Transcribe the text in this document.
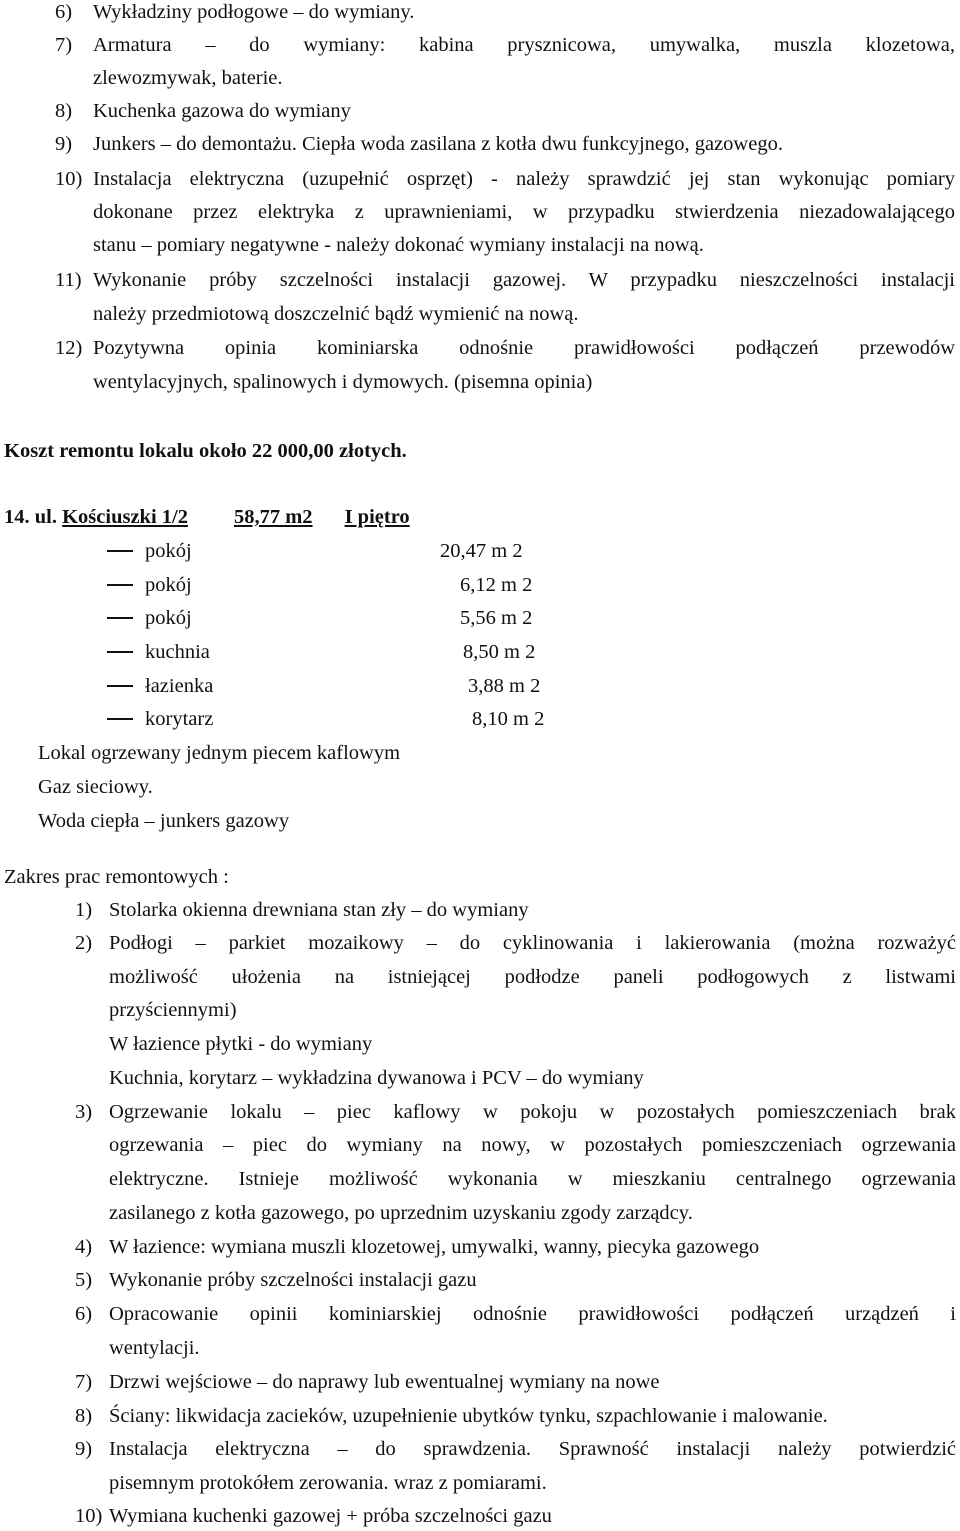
6) Wykładziny podłogowe – do wymiany.
7) Armatura – do wymiany: kabina prysznicowa, umywalka, muszla klozetowa,
zlewozmywak, baterie.
8) Kuchenka gazowa do wymiany
9) Junkers – do demontażu. Ciepła woda zasilana z kotła dwu funkcyjnego, gazowego.
10) Instalacja elektryczna (uzupełnić osprzęt) - należy sprawdzić jej stan wykonując pomiary
dokonane przez elektryka z uprawnieniami, w przypadku stwierdzenia niezadowalającego
stanu – pomiary negatywne - należy dokonać wymiany instalacji na nową.
11) Wykonanie próby szczelności instalacji gazowej. W przypadku nieszczelności instalacji
należy przedmiotową doszczelnić bądź wymienić na nową.
12) Pozytywna opinia kominiarska odnośnie prawidłowości podłączeń przewodów
wentylacyjnych, spalinowych i dymowych. (pisemna opinia)
Koszt remontu lokalu około 22 000,00 złotych.
14. ul. Kościuszki 1/2 58,77 m2 I piętro
pokój	20,47 m 2
pokój	6,12 m 2
pokój	5,56 m 2
kuchnia	8,50 m 2
łazienka	3,88 m 2
korytarz	8,10 m 2
Lokal ogrzewany jednym piecem kaflowym
Gaz sieciowy.
Woda ciepła – junkers gazowy
Zakres prac remontowych :
1) Stolarka okienna drewniana stan zły – do wymiany
2) Podłogi – parkiet mozaikowy – do cyklinowania i lakierowania (można rozważyć
możliwość ułożenia na istniejącej podłodze paneli podłogowych z listwami
przyściennymi)
W łazience płytki - do wymiany
Kuchnia, korytarz – wykładzina dywanowa i PCV – do wymiany
3) Ogrzewanie lokalu – piec kaflowy w pokoju w pozostałych pomieszczeniach brak
ogrzewania – piec do wymiany na nowy, w pozostałych pomieszczeniach ogrzewania
elektryczne. Istnieje możliwość wykonania w mieszkaniu centralnego ogrzewania
zasilanego z kotła gazowego, po uprzednim uzyskaniu zgody zarządcy.
4) W łazience: wymiana muszli klozetowej, umywalki, wanny, piecyka gazowego
5) Wykonanie próby szczelności instalacji gazu
6) Opracowanie opinii kominiarskiej odnośnie prawidłowości podłączeń urządzeń i
wentylacji.
7) Drzwi wejściowe – do naprawy lub ewentualnej wymiany na nowe
8) Ściany: likwidacja zacieków, uzupełnienie ubytków tynku, szpachlowanie i malowanie.
9) Instalacja elektryczna – do sprawdzenia. Sprawność instalacji należy potwierdzić
pisemnym protokółem zerowania. wraz z pomiarami.
10) Wymiana kuchenki gazowej + próba szczelności gazu
